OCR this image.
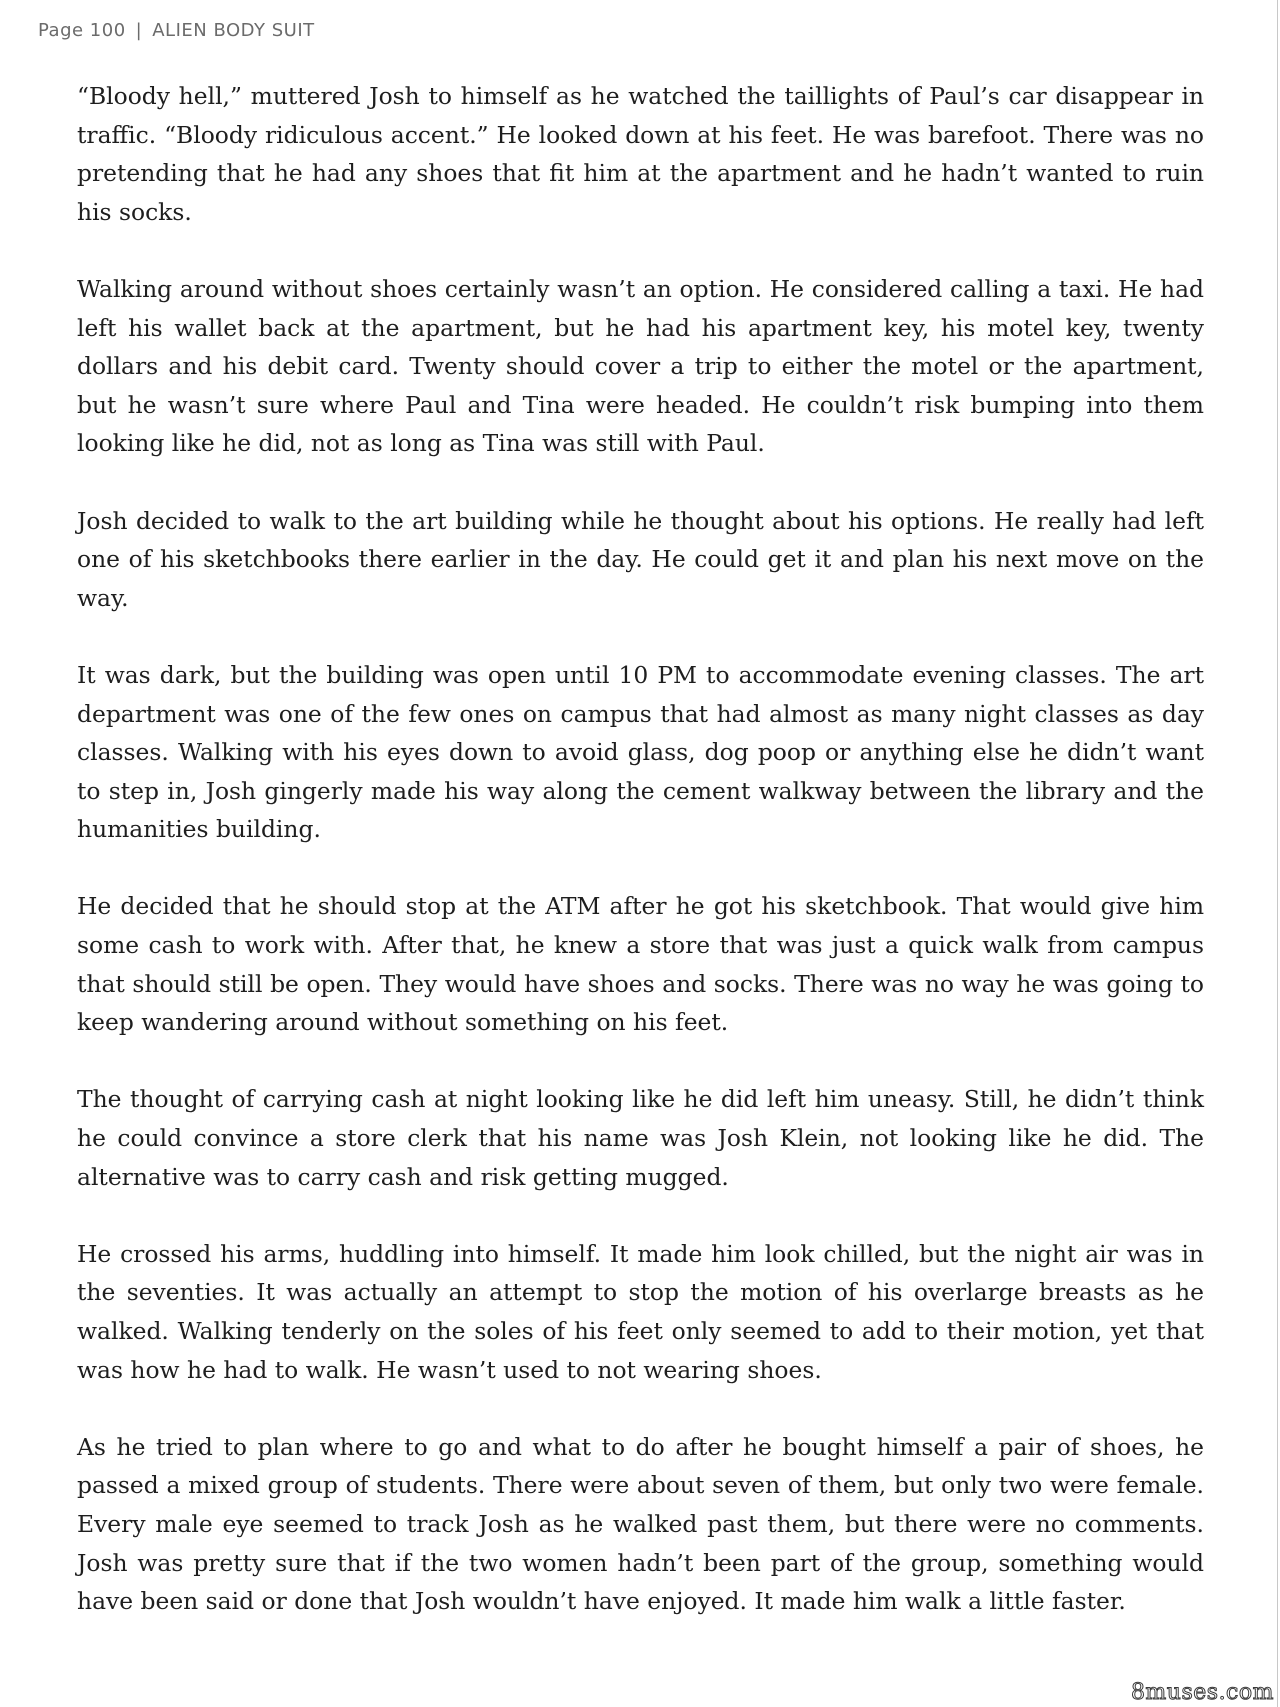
Page 100 | ALIEN BODY SUIT

“Bloody hell,” muttered Josh to himself as he watched the taillights of Paul’s car disappear in traffic. “Bloody ridiculous accent.” He looked down at his feet. He was barefoot. There was no pretending that he had any shoes that fit him at the apartment and he hadn’t wanted to ruin his socks.

Walking around without shoes certainly wasn’t an option. He considered calling a taxi. He had left his wallet back at the apartment, but he had his apartment key, his motel key, twenty dollars and his debit card. Twenty should cover a trip to either the motel or the apartment, but he wasn’t sure where Paul and Tina were headed. He couldn’t risk bumping into them looking like he did, not as long as Tina was still with Paul.

Josh decided to walk to the art building while he thought about his options. He really had left one of his sketchbooks there earlier in the day. He could get it and plan his next move on the way.

It was dark, but the building was open until 10 PM to accommodate evening classes. The art department was one of the few ones on campus that had almost as many night classes as day classes. Walking with his eyes down to avoid glass, dog poop or anything else he didn’t want to step in, Josh gingerly made his way along the cement walkway between the library and the humanities building.

He decided that he should stop at the ATM after he got his sketchbook. That would give him some cash to work with. After that, he knew a store that was just a quick walk from campus that should still be open. They would have shoes and socks. There was no way he was going to keep wandering around without something on his feet.

The thought of carrying cash at night looking like he did left him uneasy. Still, he didn’t think he could convince a store clerk that his name was Josh Klein, not looking like he did. The alternative was to carry cash and risk getting mugged.

He crossed his arms, huddling into himself. It made him look chilled, but the night air was in the seventies. It was actually an attempt to stop the motion of his overlarge breasts as he walked. Walking tenderly on the soles of his feet only seemed to add to their motion, yet that was how he had to walk. He wasn’t used to not wearing shoes.

As he tried to plan where to go and what to do after he bought himself a pair of shoes, he passed a mixed group of students. There were about seven of them, but only two were female. Every male eye seemed to track Josh as he walked past them, but there were no comments. Josh was pretty sure that if the two women hadn’t been part of the group, something would have been said or done that Josh wouldn’t have enjoyed. It made him walk a little faster.

8muses.com
